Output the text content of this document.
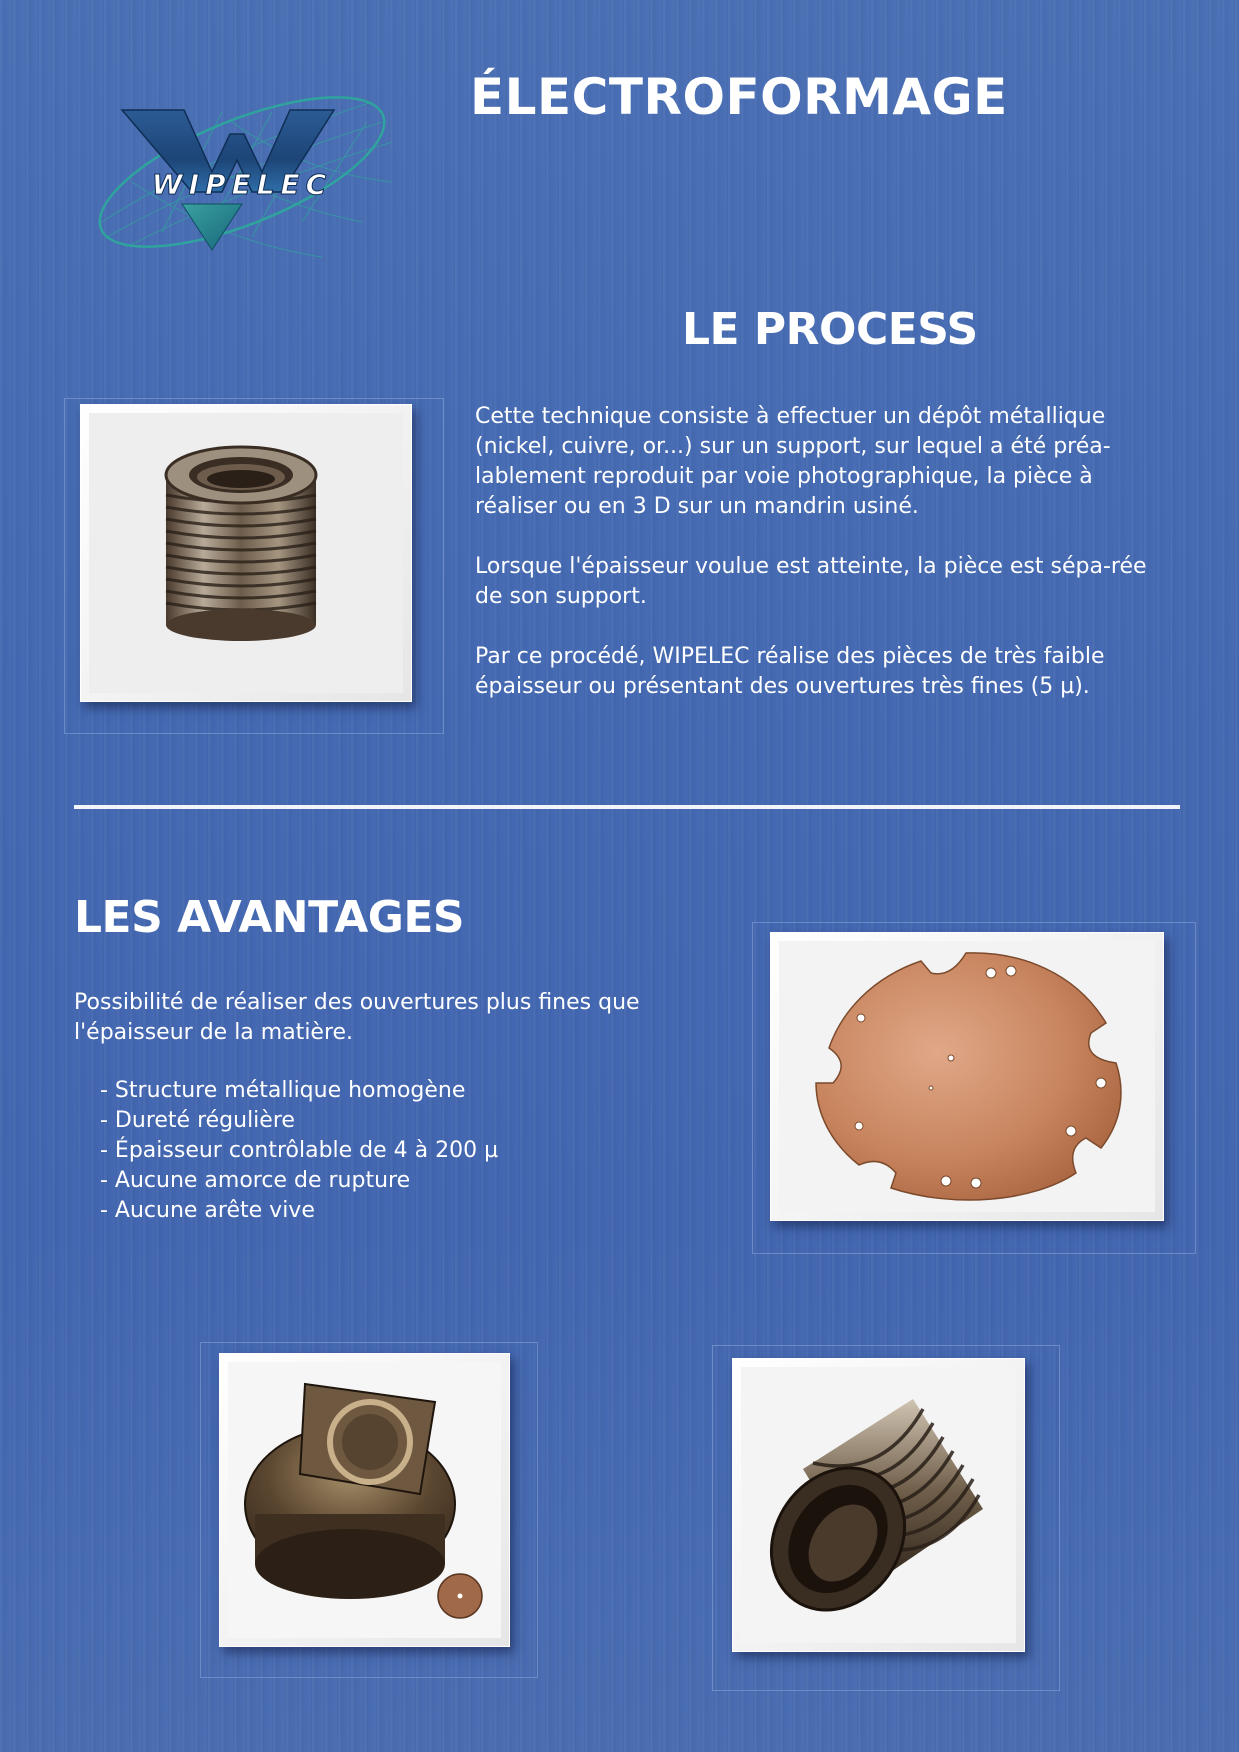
WIPELEC
ÉLECTROFORMAGE
LE PROCESS

Cette technique consiste à effectuer un dépôt métallique (nickel, cuivre, or...) sur un support, sur lequel a été préa-lablement reproduit par voie photographique, la pièce à réaliser ou en 3 D sur un mandrin usiné.

Lorsque l'épaisseur voulue est atteinte, la pièce est sépa-rée de son support.

Par ce procédé, WIPELEC réalise des pièces de très faible épaisseur ou présentant des ouvertures très fines (5 µ).

LES AVANTAGES
Possibilité de réaliser des ouvertures plus fines que l'épaisseur de la matière.
- Structure métallique homogène
- Dureté régulière
- Épaisseur contrôlable de 4 à 200 µ
- Aucune amorce de rupture
- Aucune arête vive
